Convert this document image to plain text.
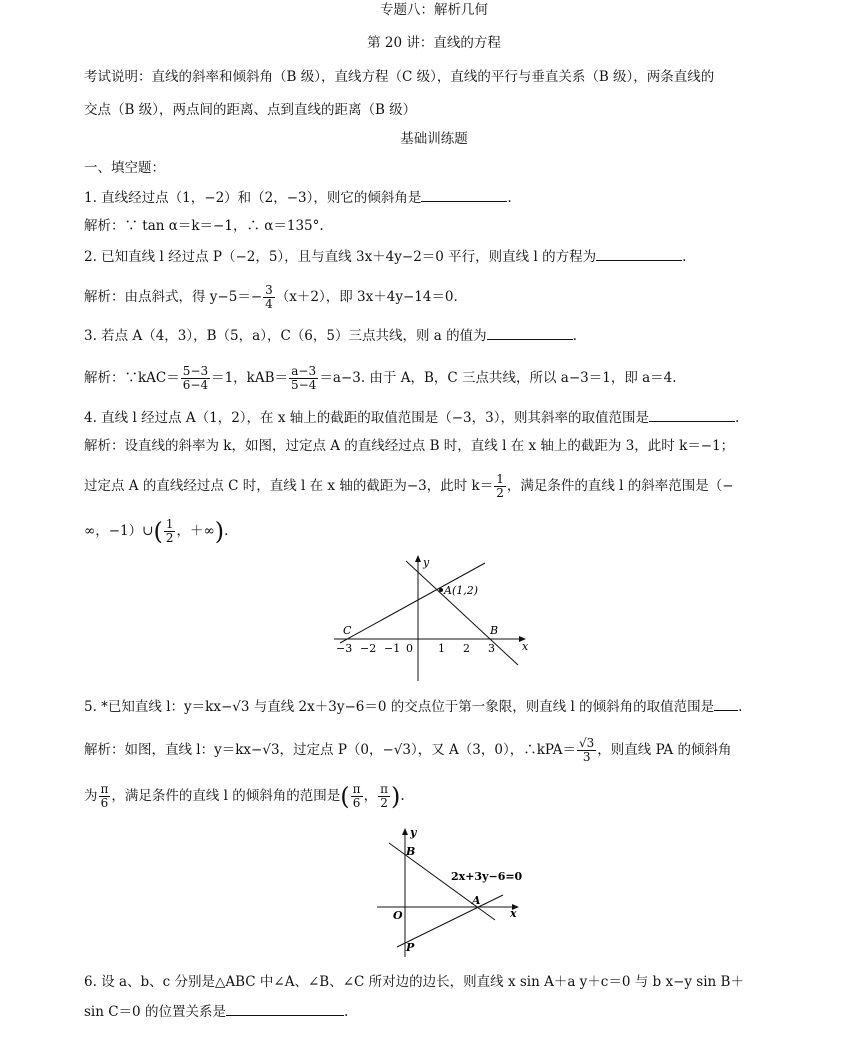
专题八：解析几何
第 20 讲：直线的方程
考试说明：直线的斜率和倾斜角（B 级），直线方程（C 级），直线的平行与垂直关系（B 级），两条直线的
交点（B 级），两点间的距离、点到直线的距离（B 级）
基础训练题
一、填空题：
1. 直线经过点（1，−2）和（2，−3），则它的倾斜角是	.
解析：∵ tan α＝k＝−1，∴ α＝135°.
2. 已知直线 l 经过点 P（−2，5），且与直线 3x＋4y−2＝0 平行，则直线 l 的方程为	.
解析：由点斜式，得 $y-5=- \frac{3}{4} (x+2)$，即 3x＋4y−14＝0.
3. 若点 A（4，3），B（5，a），C（6，5）三点共线，则 a 的值为	.
解析：∵kAC＝ $\frac{5-3}{6-4} =1$，$kAB= \frac{a-3}{5-4} =a-3$. 由于 A，B，C 三点共线，所以 a−3＝1，即 a＝4.
4. 直线 l 经过点 A（1，2），在 x 轴上的截距的取值范围是（−3，3），则其斜率的取值范围是	.
解析：设直线的斜率为 k，如图，过定点 A 的直线经过点 B 时，直线 l 在 x 轴上的截距为 3，此时 k＝−1；
过定点 A 的直线经过点 C 时，直线 l 在 x 轴的截距为−3，此时 $k= \frac{1}{2}$ ，满足条件的直线 l 的斜率范围是（−
∞，−1）∪( $\frac{1}{2}$ ，＋∞).
y
x
A(1,2)
B
C
−3 −2 −1 0 1 2 3
5. *已知直线 l：y＝kx−√3 与直线 2x＋3y−6＝0 的交点位于第一象限，则直线 l 的倾斜角的取值范围是 .
解析：如图，直线 l：y＝kx−√3，过定点 P（0，−√3），又 A（3，0），∴kPA＝ $\frac{√3}{3}$ ，则直线 PA 的倾斜角
为 $\frac{\pi}{6}$ ，满足条件的直线 l 的倾斜角的范围是( $\frac{\pi}{6}$ ， $\frac{\pi}{2}$ ).
y
x
B
A
O
P
2x+3y−6=0
6. 设 a、b、c 分别是△ABC 中∠A、∠B、∠C 所对边的边长，则直线 x sin A＋a y＋c＝0 与 b x−y sin B＋
sin C＝0 的位置关系是	.
